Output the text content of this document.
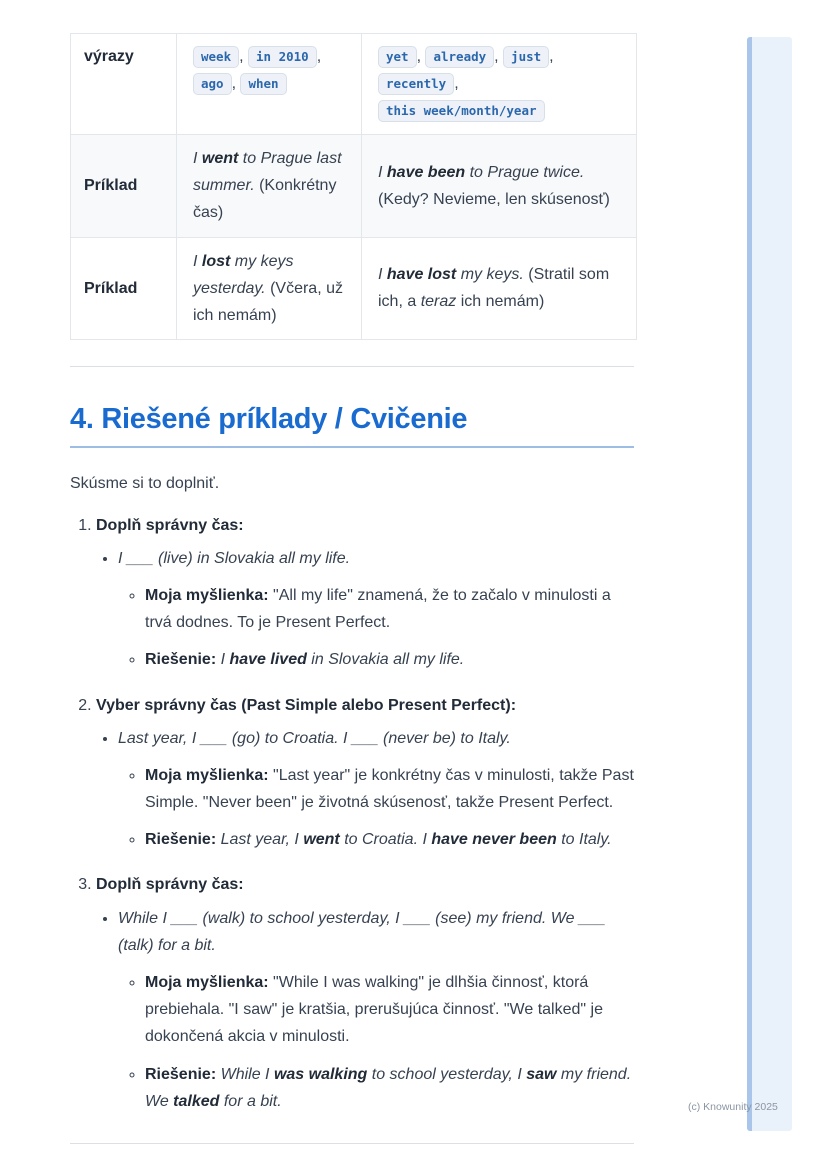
(c) Knowunity 2025
výrazy	week , in 2010 , ago , when	yet , already , just , recently , this week/month/year
Príklad	I went to Prague last summer. (Konkrétny čas)	I have been to Prague twice. (Kedy? Nevieme, len skúsenosť)
Príklad	I lost my keys yesterday. (Včera, už ich nemám)	I have lost my keys. (Stratil som ich, a teraz ich nemám)
4. Riešené príklady / Cvičenie

Skúsme si to doplniť.

1. Doplň správny čas:
• I ___ (live) in Slovakia all my life.
◦ Moja myšlienka: "All my life" znamená, že to začalo v minulosti a trvá dodnes. To je Present Perfect.
◦ Riešenie: I have lived in Slovakia all my life.
2. Vyber správny čas (Past Simple alebo Present Perfect):
• Last year, I ___ (go) to Croatia. I ___ (never be) to Italy.
◦ Moja myšlienka: "Last year" je konkrétny čas v minulosti, takže Past Simple. "Never been" je životná skúsenosť, takže Present Perfect.
◦ Riešenie: Last year, I went to Croatia. I have never been to Italy.
3. Doplň správny čas:
• While I ___ (walk) to school yesterday, I ___ (see) my friend. We ___ (talk) for a bit.
◦ Moja myšlienka: "While I was walking" je dlhšia činnosť, ktorá prebiehala. "I saw" je kratšia, prerušujúca činnosť. "We talked" je dokončená akcia v minulosti.
◦ Riešenie: While I was walking to school yesterday, I saw my friend. We talked for a bit.
